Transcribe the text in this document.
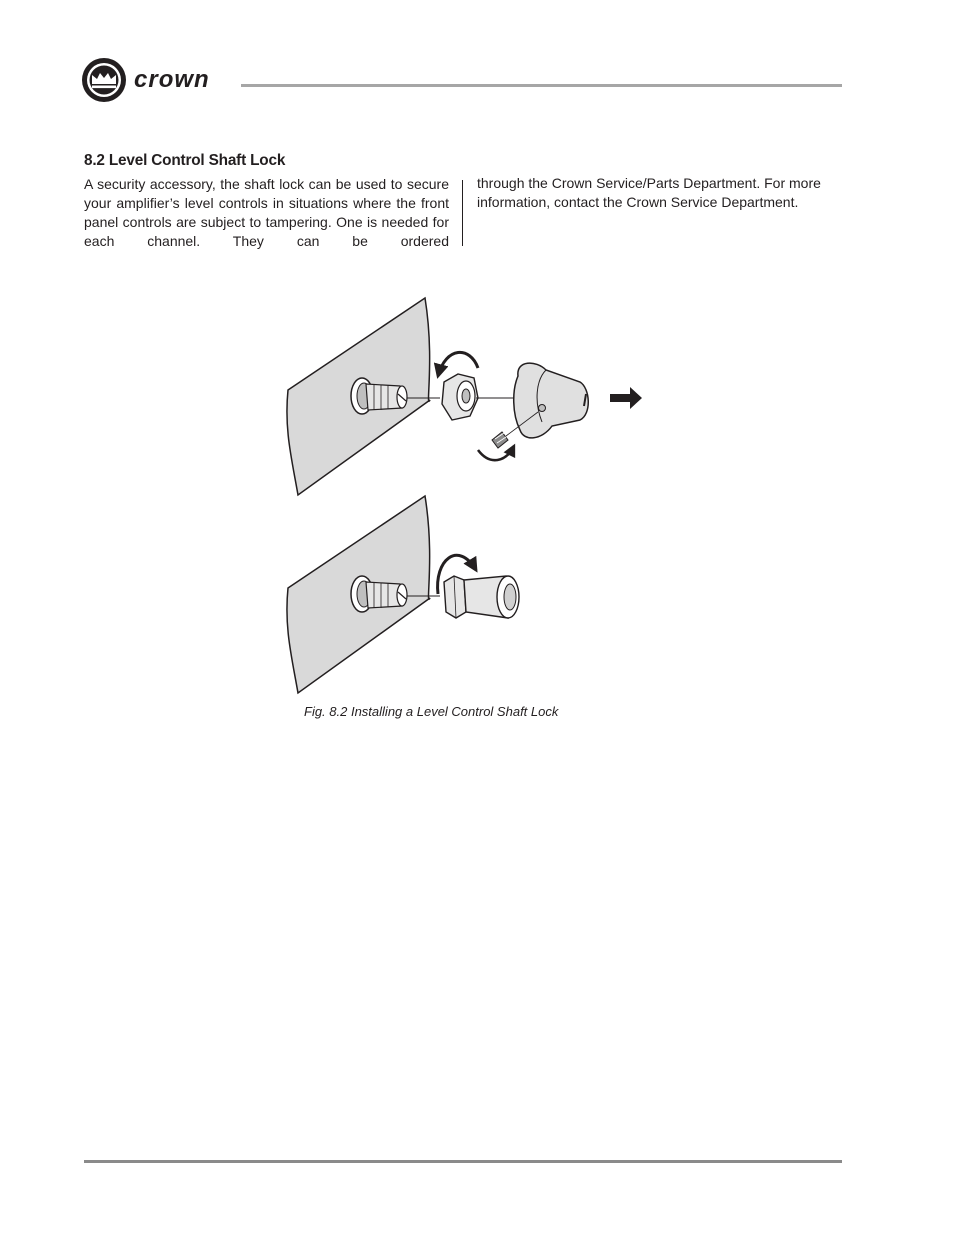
crown
8.2 Level Control Shaft Lock

A security accessory, the shaft lock can be used to secure your amplifier’s level controls in situations where the front panel controls are subject to tampering. One is needed for each channel. They can be ordered

through the Crown Service/Parts Department. For more information, contact the Crown Service Department.

Fig. 8.2 Installing a Level Control Shaft Lock
